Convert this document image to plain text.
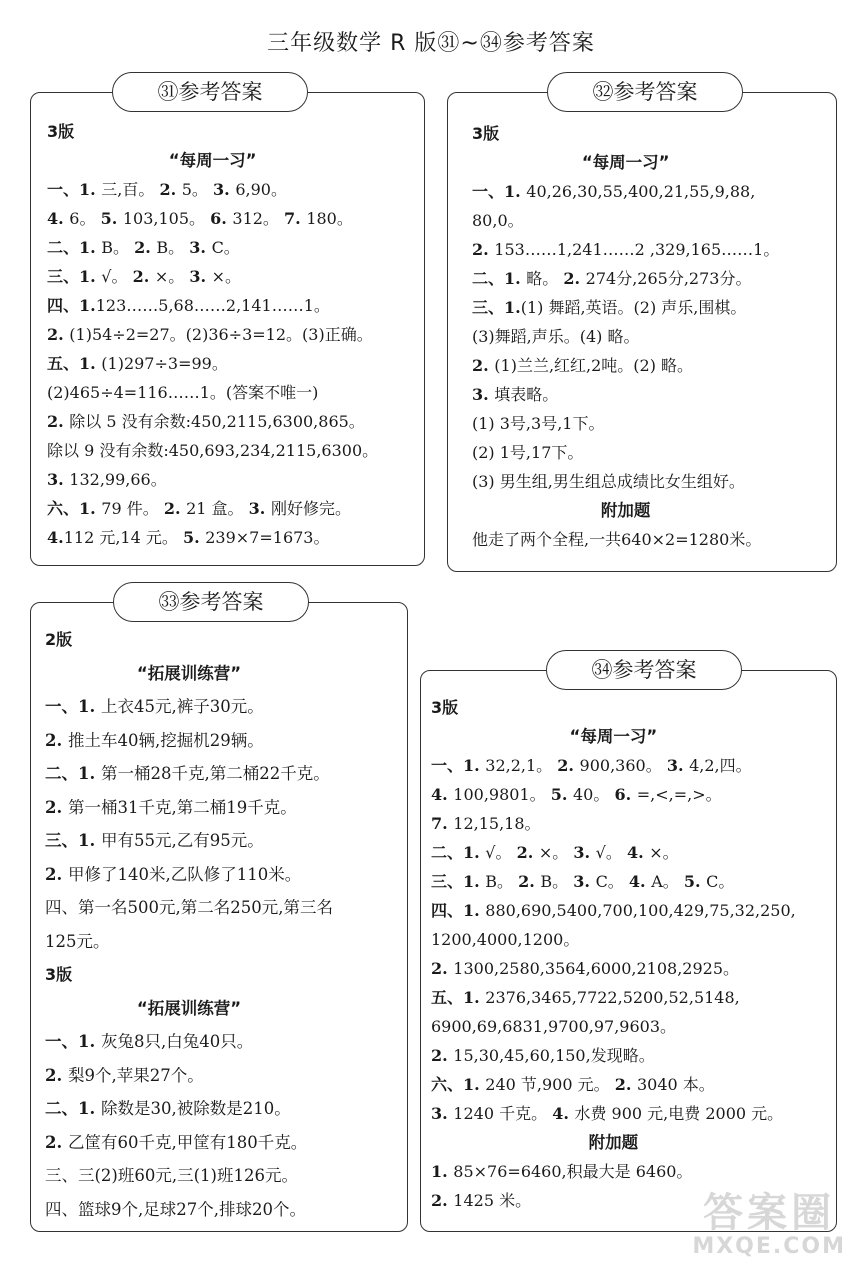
三年级数学 R 版㉛~㉞参考答案
3版
“每周一习”
一、1. 三,百。 2. 5。 3. 6,90。
4. 6。 5. 103,105。 6. 312。 7. 180。
二、1. B。 2. B。 3. C。
三、1. √。 2. ×。 3. ×。
四、1.123……5,68……2,141……1。
2. (1)54÷2=27。(2)36÷3=12。(3)正确。
五、1. (1)297÷3=99。
(2)465÷4=116……1。(答案不唯一)
2. 除以 5 没有余数:450,2115,6300,865。
除以 9 没有余数:450,693,234,2115,6300。
3. 132,99,66。
六、1. 79 件。 2. 21 盒。 3. 刚好修完。
4.112 元,14 元。 5. 239×7=1673。
㉛参考答案
3版
“每周一习”
一、1. 40,26,30,55,400,21,55,9,88,
80,0。
2. 153……1,241……2 ,329,165……1。
二、1. 略。 2. 274分,265分,273分。
三、1.(1) 舞蹈,英语。(2) 声乐,围棋。
(3)舞蹈,声乐。(4) 略。
2. (1)兰兰,红红,2吨。(2) 略。
3. 填表略。
(1) 3号,3号,1下。
(2) 1号,17下。
(3) 男生组,男生组总成绩比女生组好。
附加题
他走了两个全程,一共640×2=1280米。
㉜参考答案
2版
“拓展训练营”
一、1. 上衣45元,裤子30元。
2. 推土车40辆,挖掘机29辆。
二、1. 第一桶28千克,第二桶22千克。
2. 第一桶31千克,第二桶19千克。
三、1. 甲有55元,乙有95元。
2. 甲修了140米,乙队修了110米。
四、第一名500元,第二名250元,第三名
125元。
3版
“拓展训练营”
一、1. 灰兔8只,白兔40只。
2. 梨9个,苹果27个。
二、1. 除数是30,被除数是210。
2. 乙筐有60千克,甲筐有180千克。
三、三(2)班60元,三(1)班126元。
四、篮球9个,足球27个,排球20个。
㉝参考答案
3版
“每周一习”
一、1. 32,2,1。 2. 900,360。 3. 4,2,四。
4. 100,9801。 5. 40。 6. =,<,=,>。
7. 12,15,18。
二、1. √。 2. ×。 3. √。 4. ×。
三、1. B。 2. B。 3. C。 4. A。 5. C。
四、1. 880,690,5400,700,100,429,75,32,250,
1200,4000,1200。
2. 1300,2580,3564,6000,2108,2925。
五、1. 2376,3465,7722,5200,52,5148,
6900,69,6831,9700,97,9603。
2. 15,30,45,60,150,发现略。
六、1. 240 节,900 元。 2. 3040 本。
3. 1240 千克。 4. 水费 900 元,电费 2000 元。
附加题
1. 85×76=6460,积最大是 6460。
2. 1425 米。
㉞参考答案
答案圈
MXQE.COM
